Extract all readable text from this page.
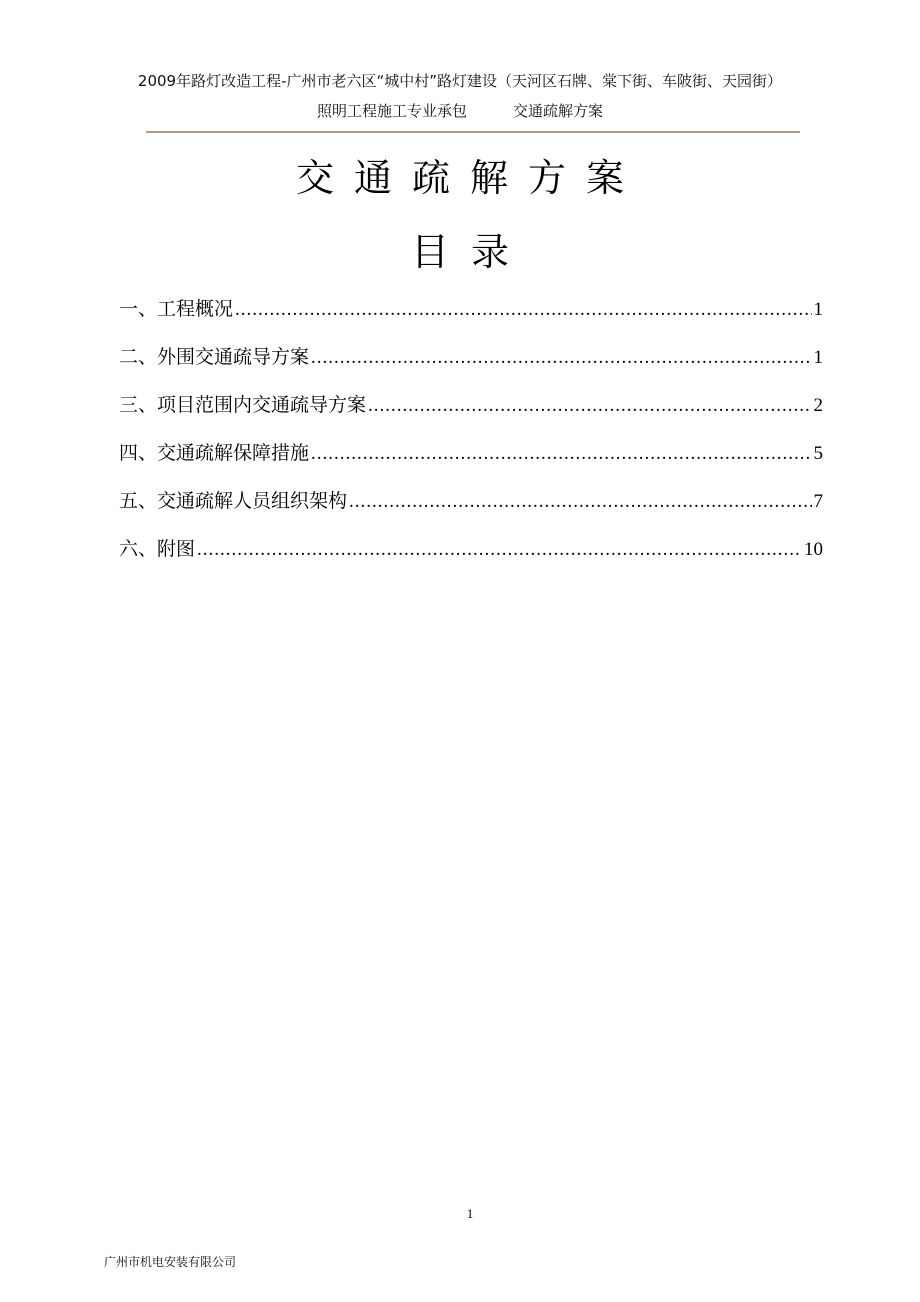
2009年路灯改造工程-广州市老六区“城中村”路灯建设（天河区石牌、棠下街、车陂街、天园街）
照明工程施工专业承包	交通疏解方案
交通疏解方案
目录
一、工程概况 .....	1
二、外围交通疏导方案 .....	1
三、项目范围内交通疏导方案 .....	2
四、交通疏解保障措施 .....	5
五、交通疏解人员组织架构 .....	7
六、附图 .....	10
1
广州市机电安装有限公司
